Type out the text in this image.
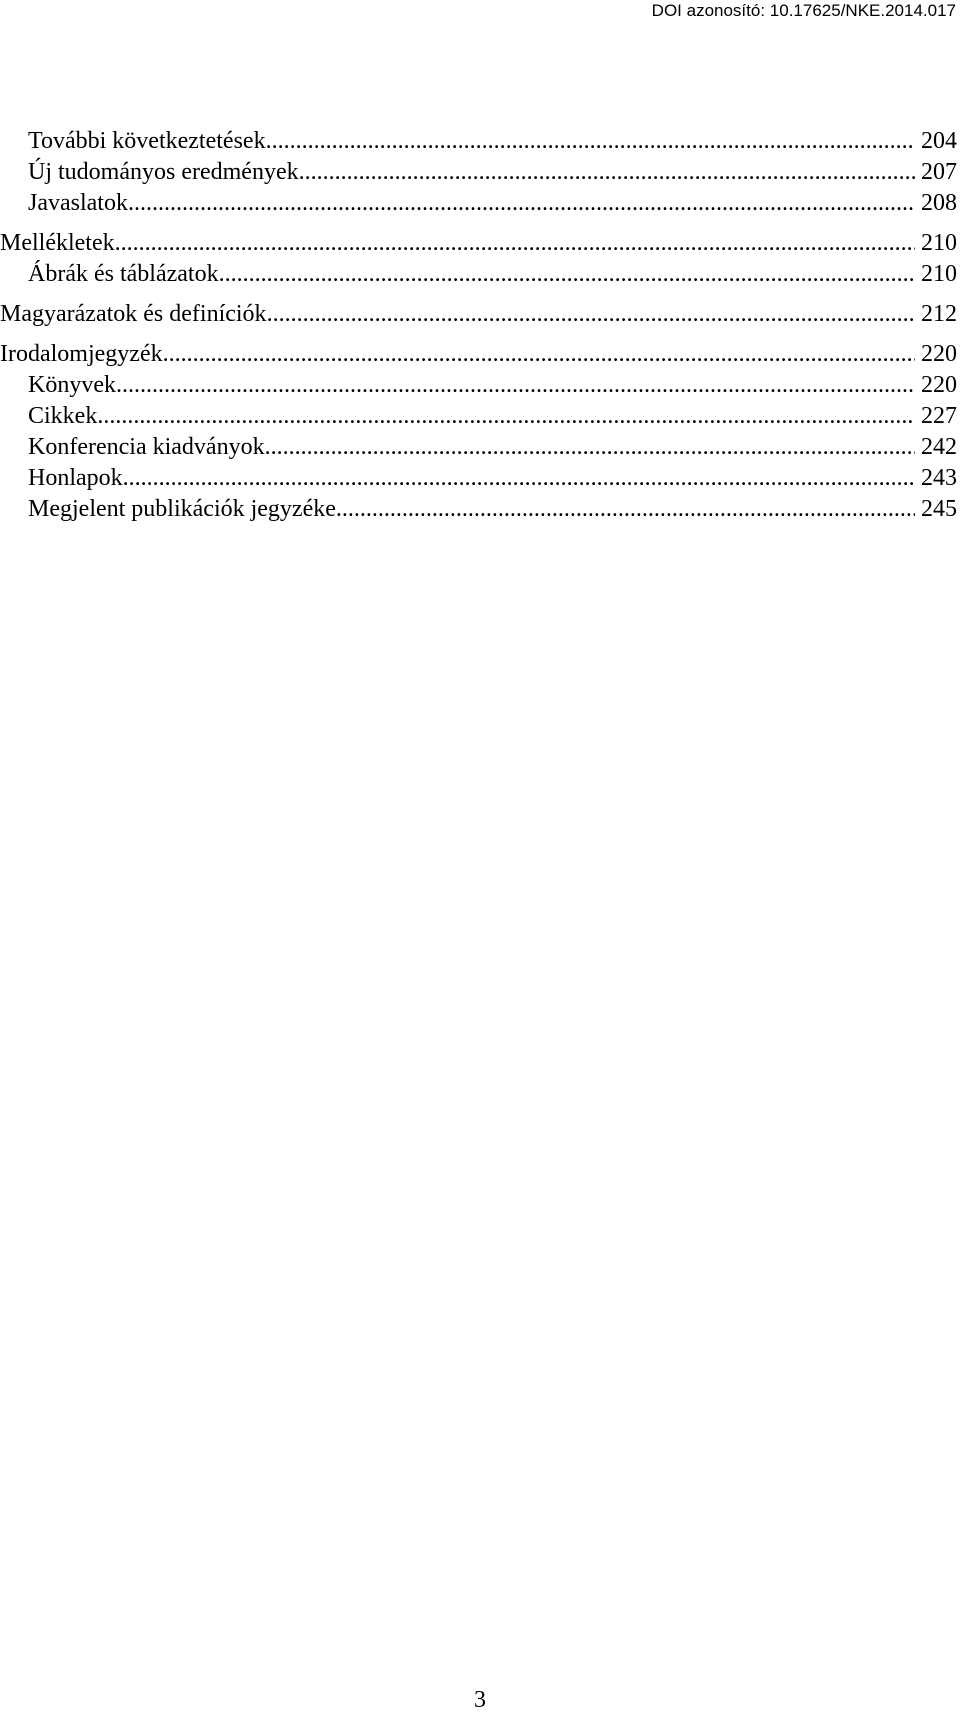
DOI azonosító: 10.17625/NKE.2014.017
További következtetések .....	204
Új tudományos eredmények .....	207
Javaslatok .....	208
Mellékletek .....	210
Ábrák és táblázatok .....	210
Magyarázatok és definíciók .....	212
Irodalomjegyzék .....	220
Könyvek .....	220
Cikkek .....	227
Konferencia kiadványok .....	242
Honlapok .....	243
Megjelent publikációk jegyzéke .....	245
3
